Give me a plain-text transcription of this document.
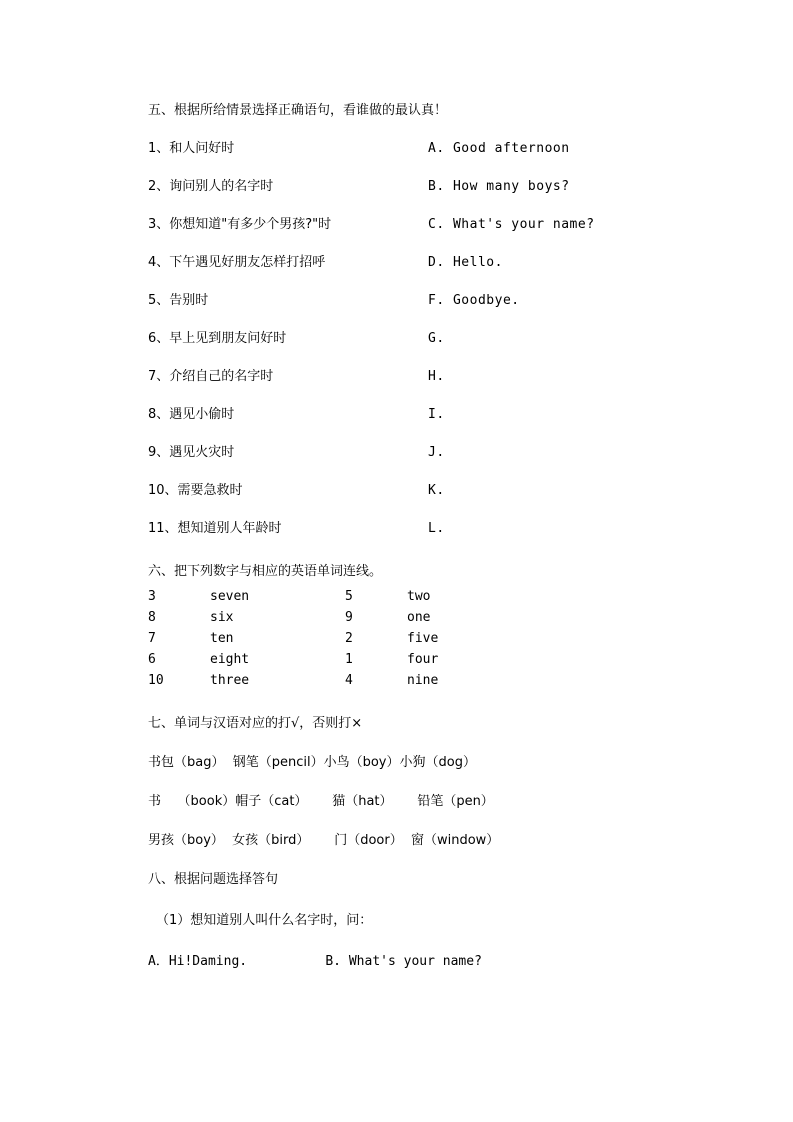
五、根据所给情景选择正确语句，看谁做的最认真！
1、和人问好时	A. Good afternoon
2、询问别人的名字时	B. How many boys?
3、你想知道"有多少个男孩?"时	C. What's your name?
4、下午遇见好朋友怎样打招呼	D. Hello.
5、告别时	F. Goodbye.
6、早上见到朋友问好时	G.
7、介绍自己的名字时	H.
8、遇见小偷时	I.
9、遇见火灾时	J.
10、需要急救时	K.
11、想知道别人年龄时	L.
六、把下列数字与相应的英语单词连线。
3	seven	5	two
8	six	9	one
7	ten	2	five
6	eight	1	four
10	three	4	nine
七、单词与汉语对应的打√，否则打×
书包（bag）  钢笔（pencil）小鸟（boy）小狗（dog）
书    （book）帽子（cat）      猫（hat）      铅笔（pen）
男孩（boy）  女孩（bird）      门（door）  窗（window）
八、根据问题选择答句
（1）想知道别人叫什么名字时，问：
A．Hi!Daming.          B. What's your name?
